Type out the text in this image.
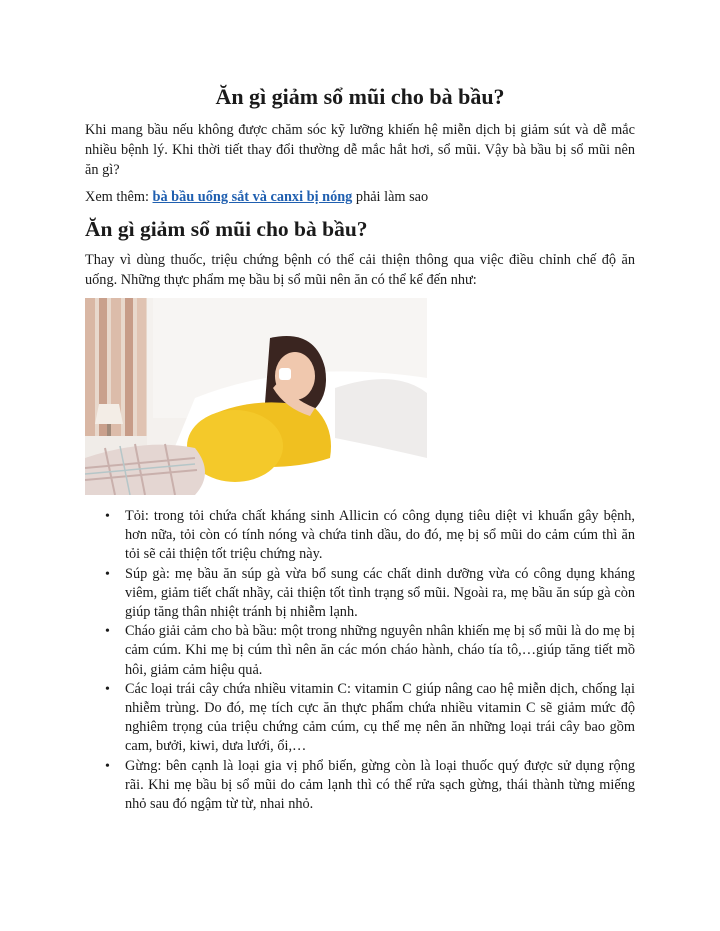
Ăn gì giảm sổ mũi cho bà bầu?

Khi mang bầu nếu không được chăm sóc kỹ lưỡng khiến hệ miễn dịch bị giảm sút và dễ mắc nhiều bệnh lý. Khi thời tiết thay đổi thường dễ mắc hắt hơi, sổ mũi. Vậy bà bầu bị sổ mũi nên ăn gì?

Xem thêm: bà bầu uống sắt và canxi bị nóng phải làm sao

Ăn gì giảm sổ mũi cho bà bầu?

Thay vì dùng thuốc, triệu chứng bệnh có thể cải thiện thông qua việc điều chỉnh chế độ ăn uống. Những thực phẩm mẹ bầu bị sổ mũi nên ăn có thể kể đến như:

• Tỏi: trong tỏi chứa chất kháng sinh Allicin có công dụng tiêu diệt vi khuẩn gây bệnh, hơn nữa, tỏi còn có tính nóng và chứa tinh dầu, do đó, mẹ bị sổ mũi do cảm cúm thì ăn tỏi sẽ cải thiện tốt triệu chứng này.
• Súp gà: mẹ bầu ăn súp gà vừa bổ sung các chất dinh dưỡng vừa có công dụng kháng viêm, giảm tiết chất nhầy, cải thiện tốt tình trạng sổ mũi. Ngoài ra, mẹ bầu ăn súp gà còn giúp tăng thân nhiệt tránh bị nhiễm lạnh.
• Cháo giải cảm cho bà bầu: một trong những nguyên nhân khiến mẹ bị sổ mũi là do mẹ bị cảm cúm. Khi mẹ bị cúm thì nên ăn các món cháo hành, cháo tía tô,…giúp tăng tiết mồ hôi, giảm cảm hiệu quả.
• Các loại trái cây chứa nhiều vitamin C: vitamin C giúp nâng cao hệ miễn dịch, chống lại nhiễm trùng. Do đó, mẹ tích cực ăn thực phẩm chứa nhiều vitamin C sẽ giảm mức độ nghiêm trọng của triệu chứng cảm cúm, cụ thể mẹ nên ăn những loại trái cây bao gồm cam, bưởi, kiwi, dưa lưới, ổi,…
• Gừng: bên cạnh là loại gia vị phổ biến, gừng còn là loại thuốc quý được sử dụng rộng rãi. Khi mẹ bầu bị sổ mũi do cảm lạnh thì có thể rửa sạch gừng, thái thành từng miếng nhỏ sau đó ngậm từ từ, nhai nhỏ.
